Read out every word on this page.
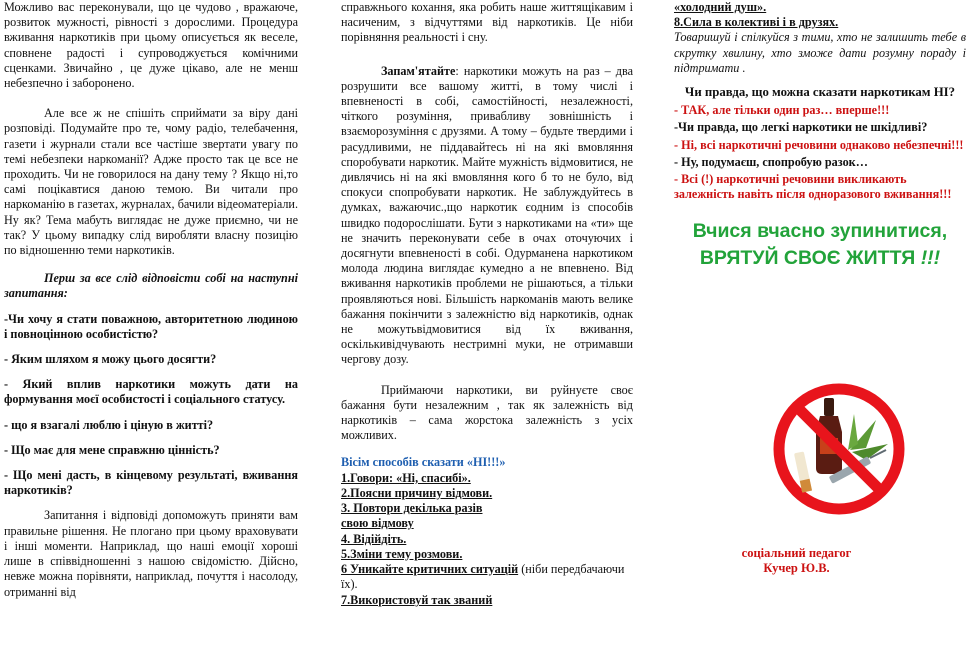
Можливо вас переконували, що це чудово , вражаюче, розвиток мужності, рівності з дорослими. Процедура вживання наркотиків при цьому описується як веселе, сповнене радості і супроводжується комічними сценками. Звичайно , це дуже цікаво, але не менш небезпечно і заборонено.

Але все ж не спішіть сприймати за віру дані розповіді. Подумайте про те, чому радіо, телебачення, газети і журнали стали все частіше звертати увагу по темі небезпеки наркоманії? Адже просто так це все не проходить. Чи не говорилося на дану тему ? Якщо ні,то самі поцікавтися даною темою. Ви читали про наркоманію в газетах, журналах, бачили відеоматеріали. Ну як? Тема мабуть виглядає не дуже приємно, чи не так? У цьому випадку слід виробляти власну позицію по відношенню теми наркотиків.

Перш за все слід відповісти собі на наступні запитання:

-Чи хочу я стати поважною, авторитетною людиною і повноцінною особистістю?

- Яким шляхом я можу цього досягти?

- Який вплив наркотики можуть дати на формування моєї особистості і соціального статусу.

- що я взагалі люблю і ціную в житті?

- Що має для мене справжню цінність?

- Що мені дасть, в кінцевому результаті, вживання наркотиків?

Запитання і відповіді допоможуть приняти вам правильне рішення. Не плогано при цьому враховувати і інші моменти. Наприклад, що наші емоції хороші лише в співвідношенні з нашою свідомістю. Дійсно, невже можна порівняти, наприклад, почуття і насолоду, отриманні від

справжнього кохання, яка робить наше життящікавим і насиченим, з відчуттями від наркотиків. Це ніби порівняння реальності і сну.

Запам'ятайте: наркотики можуть на раз – два розрушити все вашому житті, в тому числі і впевненості в собі, самостійності, незалежності, чіткого розуміння, привабливу зовнішність і взаєморозуміння с друзями. А тому – будьте твердими і расудливими, не піддавайтесь ні на які вмовляння споробувати наркотик. Майте мужність відмовитися, не дивлячись ні на які вмовляння кого б то не було, від спокуси спопробувати наркотик. Не заблуждуйтесь в думках, важаючис.,що наркотик єодним із способів швидко подорослішати. Бути з наркотиками на «ти» ще не значить переконувати себе в очах оточуючих і досягнути впевненості в собі. Одурманена наркотиком молода людина виглядає кумедно а не впевнено. Від вживання наркотиків проблеми не рішаються, а тільки проявляються нові. Більшість наркоманів мають велике бажання покінчити з залежністю від наркотиків, однак не можутьвідмовитися від їх вживання, оскількивідчувають нестримні муки, не отримавши чергову дозу.

Приймаючи наркотики, ви руйнуєте своє бажання бути незалежним , так як залежність від наркотиків – сама жорстока залежність з усіх можливих.

Вісім способів сказати «НІ!!!»

1.Говори: «Ні, спасибі».

2.Поясни причину відмови.

3. Повтори декілька разів

свою відмову

4. Відійдіть.

5.Зміни тему розмови.

6 Уникайте критичних ситуацій (ніби передбачаючи їх).

7.Використовуй так званий

«холодний душ».

8.Сила в колективі і в друзях.

Товаришуй і спілкуйся з тими, хто не залишить тебе в скрутку хвилину, хто зможе дати розумну пораду і підтримати .

Чи правда, що можна сказати наркотикам НІ?

- ТАК, але тільки один раз… вперше!!!

-Чи правда, що легкі наркотики не шкідливі?

- Ні, всі наркотичні речовини однаково небезпечні!!!

- Ну, подумаєш, спопробую разок…

- Всі (!) наркотичні речовини викликають залежність навіть після одноразового вживання!!!

Вчися вчасно зупинитися,
ВРЯТУЙ СВОЄ ЖИТТЯ !!!
соціальний педагог
Кучер Ю.В.
